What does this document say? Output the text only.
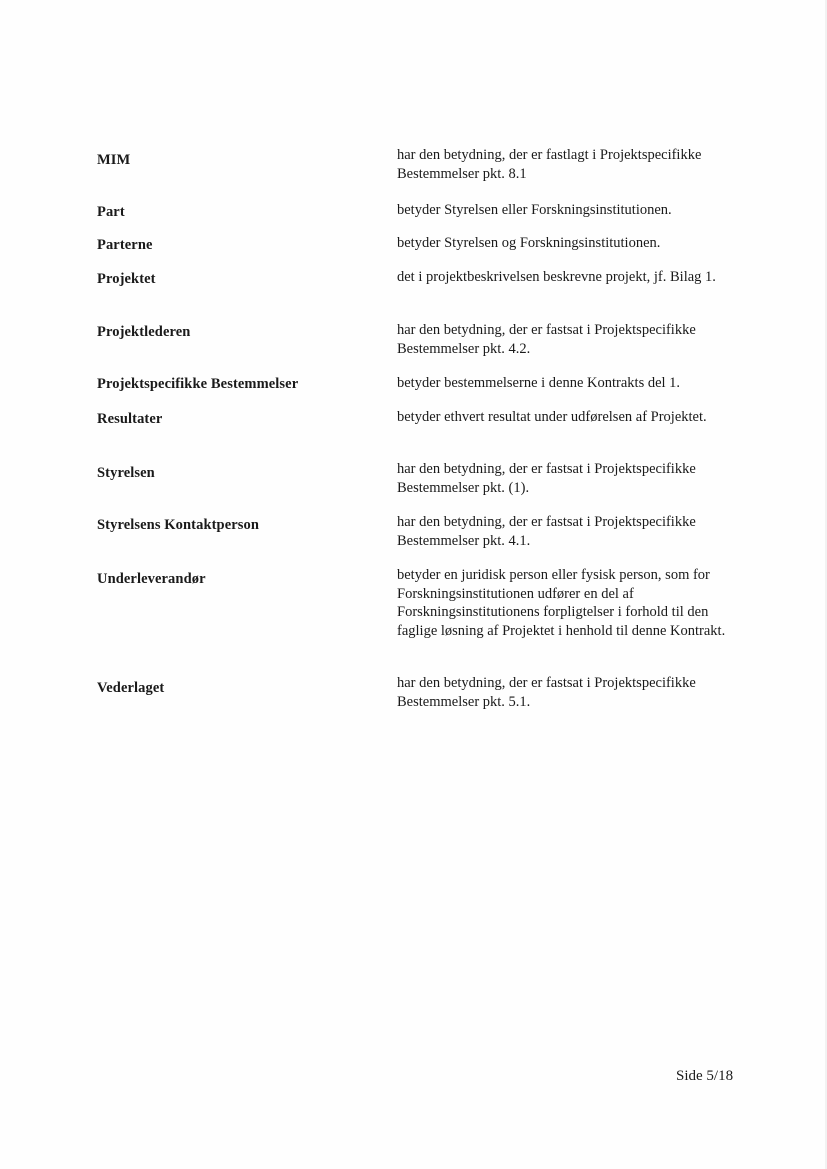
MIM	har den betydning, der er fastlagt i Projektspecifikke Bestemmelser pkt. 8.1
Part	betyder Styrelsen eller Forskningsinstitutionen.
Parterne	betyder Styrelsen og Forskningsinstitutionen.
Projektet	det i projektbeskrivelsen beskrevne projekt, jf. Bilag 1.
Projektlederen	har den betydning, der er fastsat i Projektspecifikke Bestemmelser pkt. 4.2.
Projektspecifikke Bestemmelser	betyder bestemmelserne i denne Kontrakts del 1.
Resultater	betyder ethvert resultat under udførelsen af Projektet.
Styrelsen	har den betydning, der er fastsat i Projektspecifikke Bestemmelser pkt. (1).
Styrelsens Kontaktperson	har den betydning, der er fastsat i Projektspecifikke Bestemmelser pkt. 4.1.
Underleverandør	betyder en juridisk person eller fysisk person, som for Forskningsinstitutionen udfører en del af Forskningsinstitutionens forpligtelser i forhold til den faglige løsning af Projektet i henhold til denne Kontrakt.
Vederlaget	har den betydning, der er fastsat i Projektspecifikke Bestemmelser pkt. 5.1.
Side 5/18
